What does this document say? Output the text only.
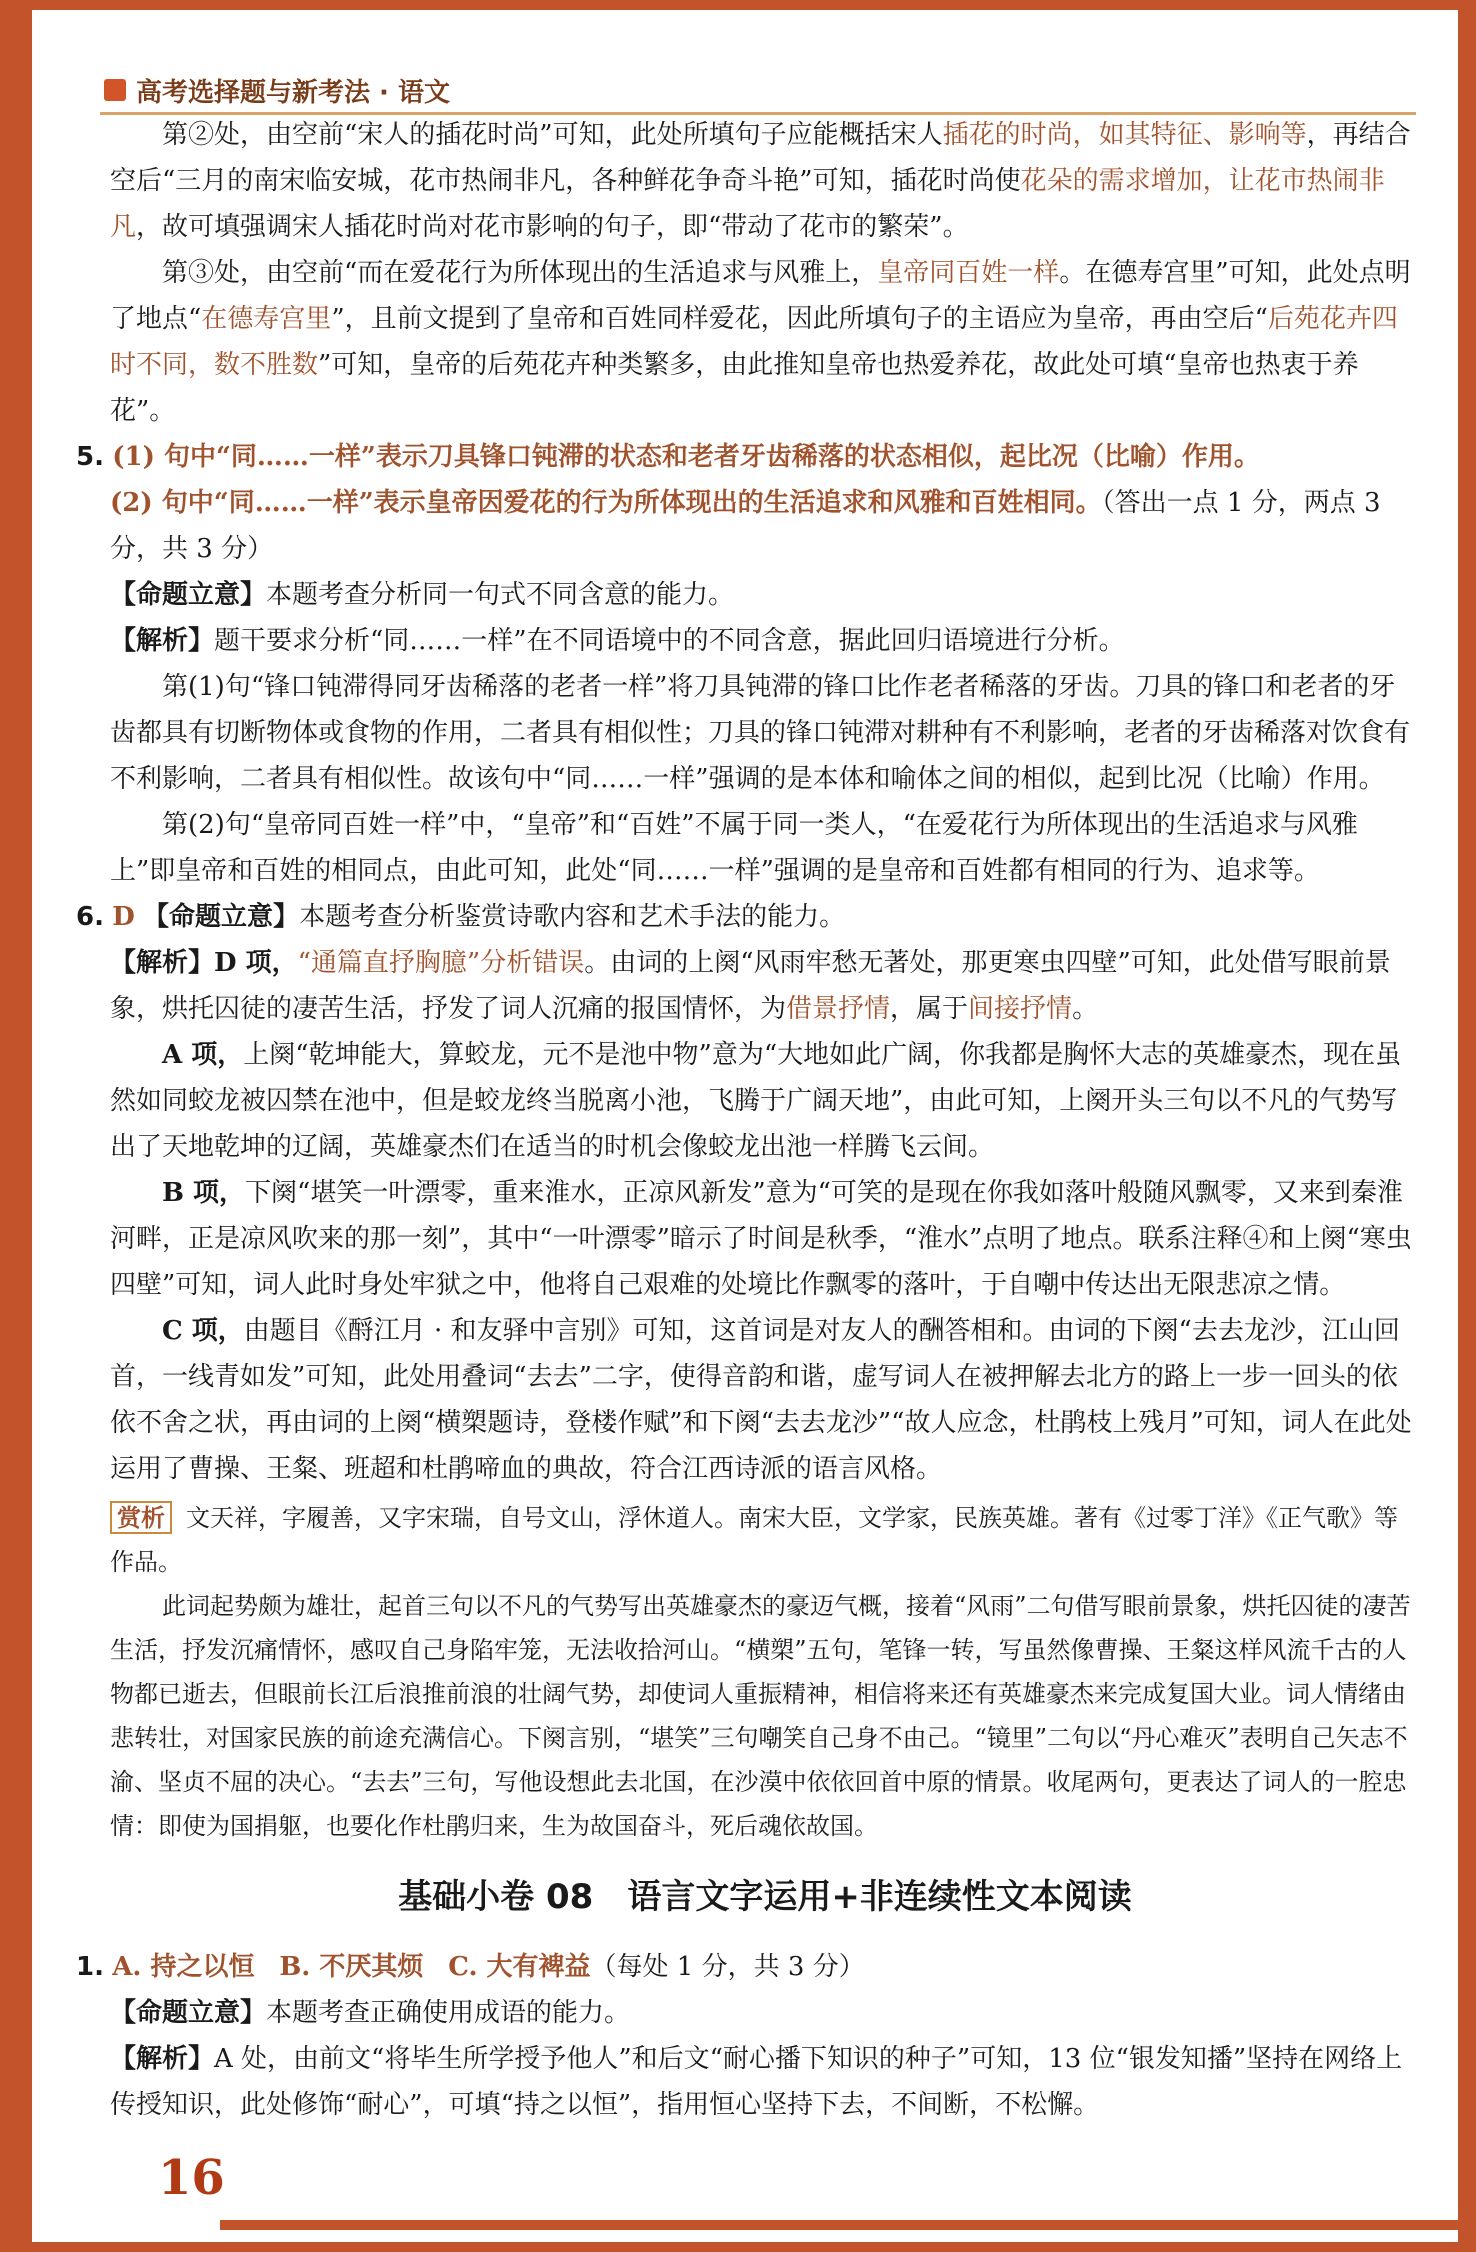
高考选择题与新考法 · 语文

第②处，由空前“宋人的插花时尚”可知，此处所填句子应能概括宋人插花的时尚，如其特征、影响等，再结合空后“三月的南宋临安城，花市热闹非凡，各种鲜花争奇斗艳”可知，插花时尚使花朵的需求增加，让花市热闹非凡，故可填强调宋人插花时尚对花市影响的句子，即“带动了花市的繁荣”。

第③处，由空前“而在爱花行为所体现出的生活追求与风雅上，皇帝同百姓一样。在德寿宫里”可知，此处点明了地点“在德寿宫里”，且前文提到了皇帝和百姓同样爱花，因此所填句子的主语应为皇帝，再由空后“后苑花卉四时不同，数不胜数”可知，皇帝的后苑花卉种类繁多，由此推知皇帝也热爱养花，故此处可填“皇帝也热衷于养花”。

5. (1) 句中“同……一样”表示刀具锋口钝滞的状态和老者牙齿稀落的状态相似，起比况（比喻）作用。

(2) 句中“同……一样”表示皇帝因爱花的行为所体现出的生活追求和风雅和百姓相同。（答出一点 1 分，两点 3 分，共 3 分）

【命题立意】本题考查分析同一句式不同含意的能力。

【解析】题干要求分析“同……一样”在不同语境中的不同含意，据此回归语境进行分析。

第(1)句“锋口钝滞得同牙齿稀落的老者一样”将刀具钝滞的锋口比作老者稀落的牙齿。刀具的锋口和老者的牙齿都具有切断物体或食物的作用，二者具有相似性；刀具的锋口钝滞对耕种有不利影响，老者的牙齿稀落对饮食有不利影响，二者具有相似性。故该句中“同……一样”强调的是本体和喻体之间的相似，起到比况（比喻）作用。

第(2)句“皇帝同百姓一样”中，“皇帝”和“百姓”不属于同一类人，“在爱花行为所体现出的生活追求与风雅上”即皇帝和百姓的相同点，由此可知，此处“同……一样”强调的是皇帝和百姓都有相同的行为、追求等。

6. D 【命题立意】本题考查分析鉴赏诗歌内容和艺术手法的能力。

【解析】D 项，“通篇直抒胸臆”分析错误。由词的上阕“风雨牢愁无著处，那更寒虫四壁”可知，此处借写眼前景象，烘托囚徒的凄苦生活，抒发了词人沉痛的报国情怀，为借景抒情，属于间接抒情。

A 项，上阕“乾坤能大，算蛟龙，元不是池中物”意为“大地如此广阔，你我都是胸怀大志的英雄豪杰，现在虽然如同蛟龙被囚禁在池中，但是蛟龙终当脱离小池，飞腾于广阔天地”，由此可知，上阕开头三句以不凡的气势写出了天地乾坤的辽阔，英雄豪杰们在适当的时机会像蛟龙出池一样腾飞云间。

B 项，下阕“堪笑一叶漂零，重来淮水，正凉风新发”意为“可笑的是现在你我如落叶般随风飘零，又来到秦淮河畔，正是凉风吹来的那一刻”，其中“一叶漂零”暗示了时间是秋季，“淮水”点明了地点。联系注释④和上阕“寒虫四壁”可知，词人此时身处牢狱之中，他将自己艰难的处境比作飘零的落叶，于自嘲中传达出无限悲凉之情。

C 项，由题目《酹江月 · 和友驿中言别》可知，这首词是对友人的酬答相和。由词的下阕“去去龙沙，江山回首，一线青如发”可知，此处用叠词“去去”二字，使得音韵和谐，虚写词人在被押解去北方的路上一步一回头的依依不舍之状，再由词的上阕“横槊题诗，登楼作赋”和下阕“去去龙沙”“故人应念，杜鹃枝上残月”可知，词人在此处运用了曹操、王粲、班超和杜鹃啼血的典故，符合江西诗派的语言风格。

赏析 文天祥，字履善，又字宋瑞，自号文山，浮休道人。南宋大臣，文学家，民族英雄。著有《过零丁洋》《正气歌》等作品。

此词起势颇为雄壮，起首三句以不凡的气势写出英雄豪杰的豪迈气概，接着“风雨”二句借写眼前景象，烘托囚徒的凄苦生活，抒发沉痛情怀，感叹自己身陷牢笼，无法收拾河山。“横槊”五句，笔锋一转，写虽然像曹操、王粲这样风流千古的人物都已逝去，但眼前长江后浪推前浪的壮阔气势，却使词人重振精神，相信将来还有英雄豪杰来完成复国大业。词人情绪由悲转壮，对国家民族的前途充满信心。下阕言别，“堪笑”三句嘲笑自己身不由己。“镜里”二句以“丹心难灭”表明自己矢志不渝、坚贞不屈的决心。“去去”三句，写他设想此去北国，在沙漠中依依回首中原的情景。收尾两句，更表达了词人的一腔忠情：即使为国捐躯，也要化作杜鹃归来，生为故国奋斗，死后魂依故国。

基础小卷 08　语言文字运用+非连续性文本阅读

1. A. 持之以恒 B. 不厌其烦 C. 大有裨益（每处 1 分，共 3 分）

【命题立意】本题考查正确使用成语的能力。

【解析】A 处，由前文“将毕生所学授予他人”和后文“耐心播下知识的种子”可知，13 位“银发知播”坚持在网络上传授知识，此处修饰“耐心”，可填“持之以恒”，指用恒心坚持下去，不间断，不松懈。

16
